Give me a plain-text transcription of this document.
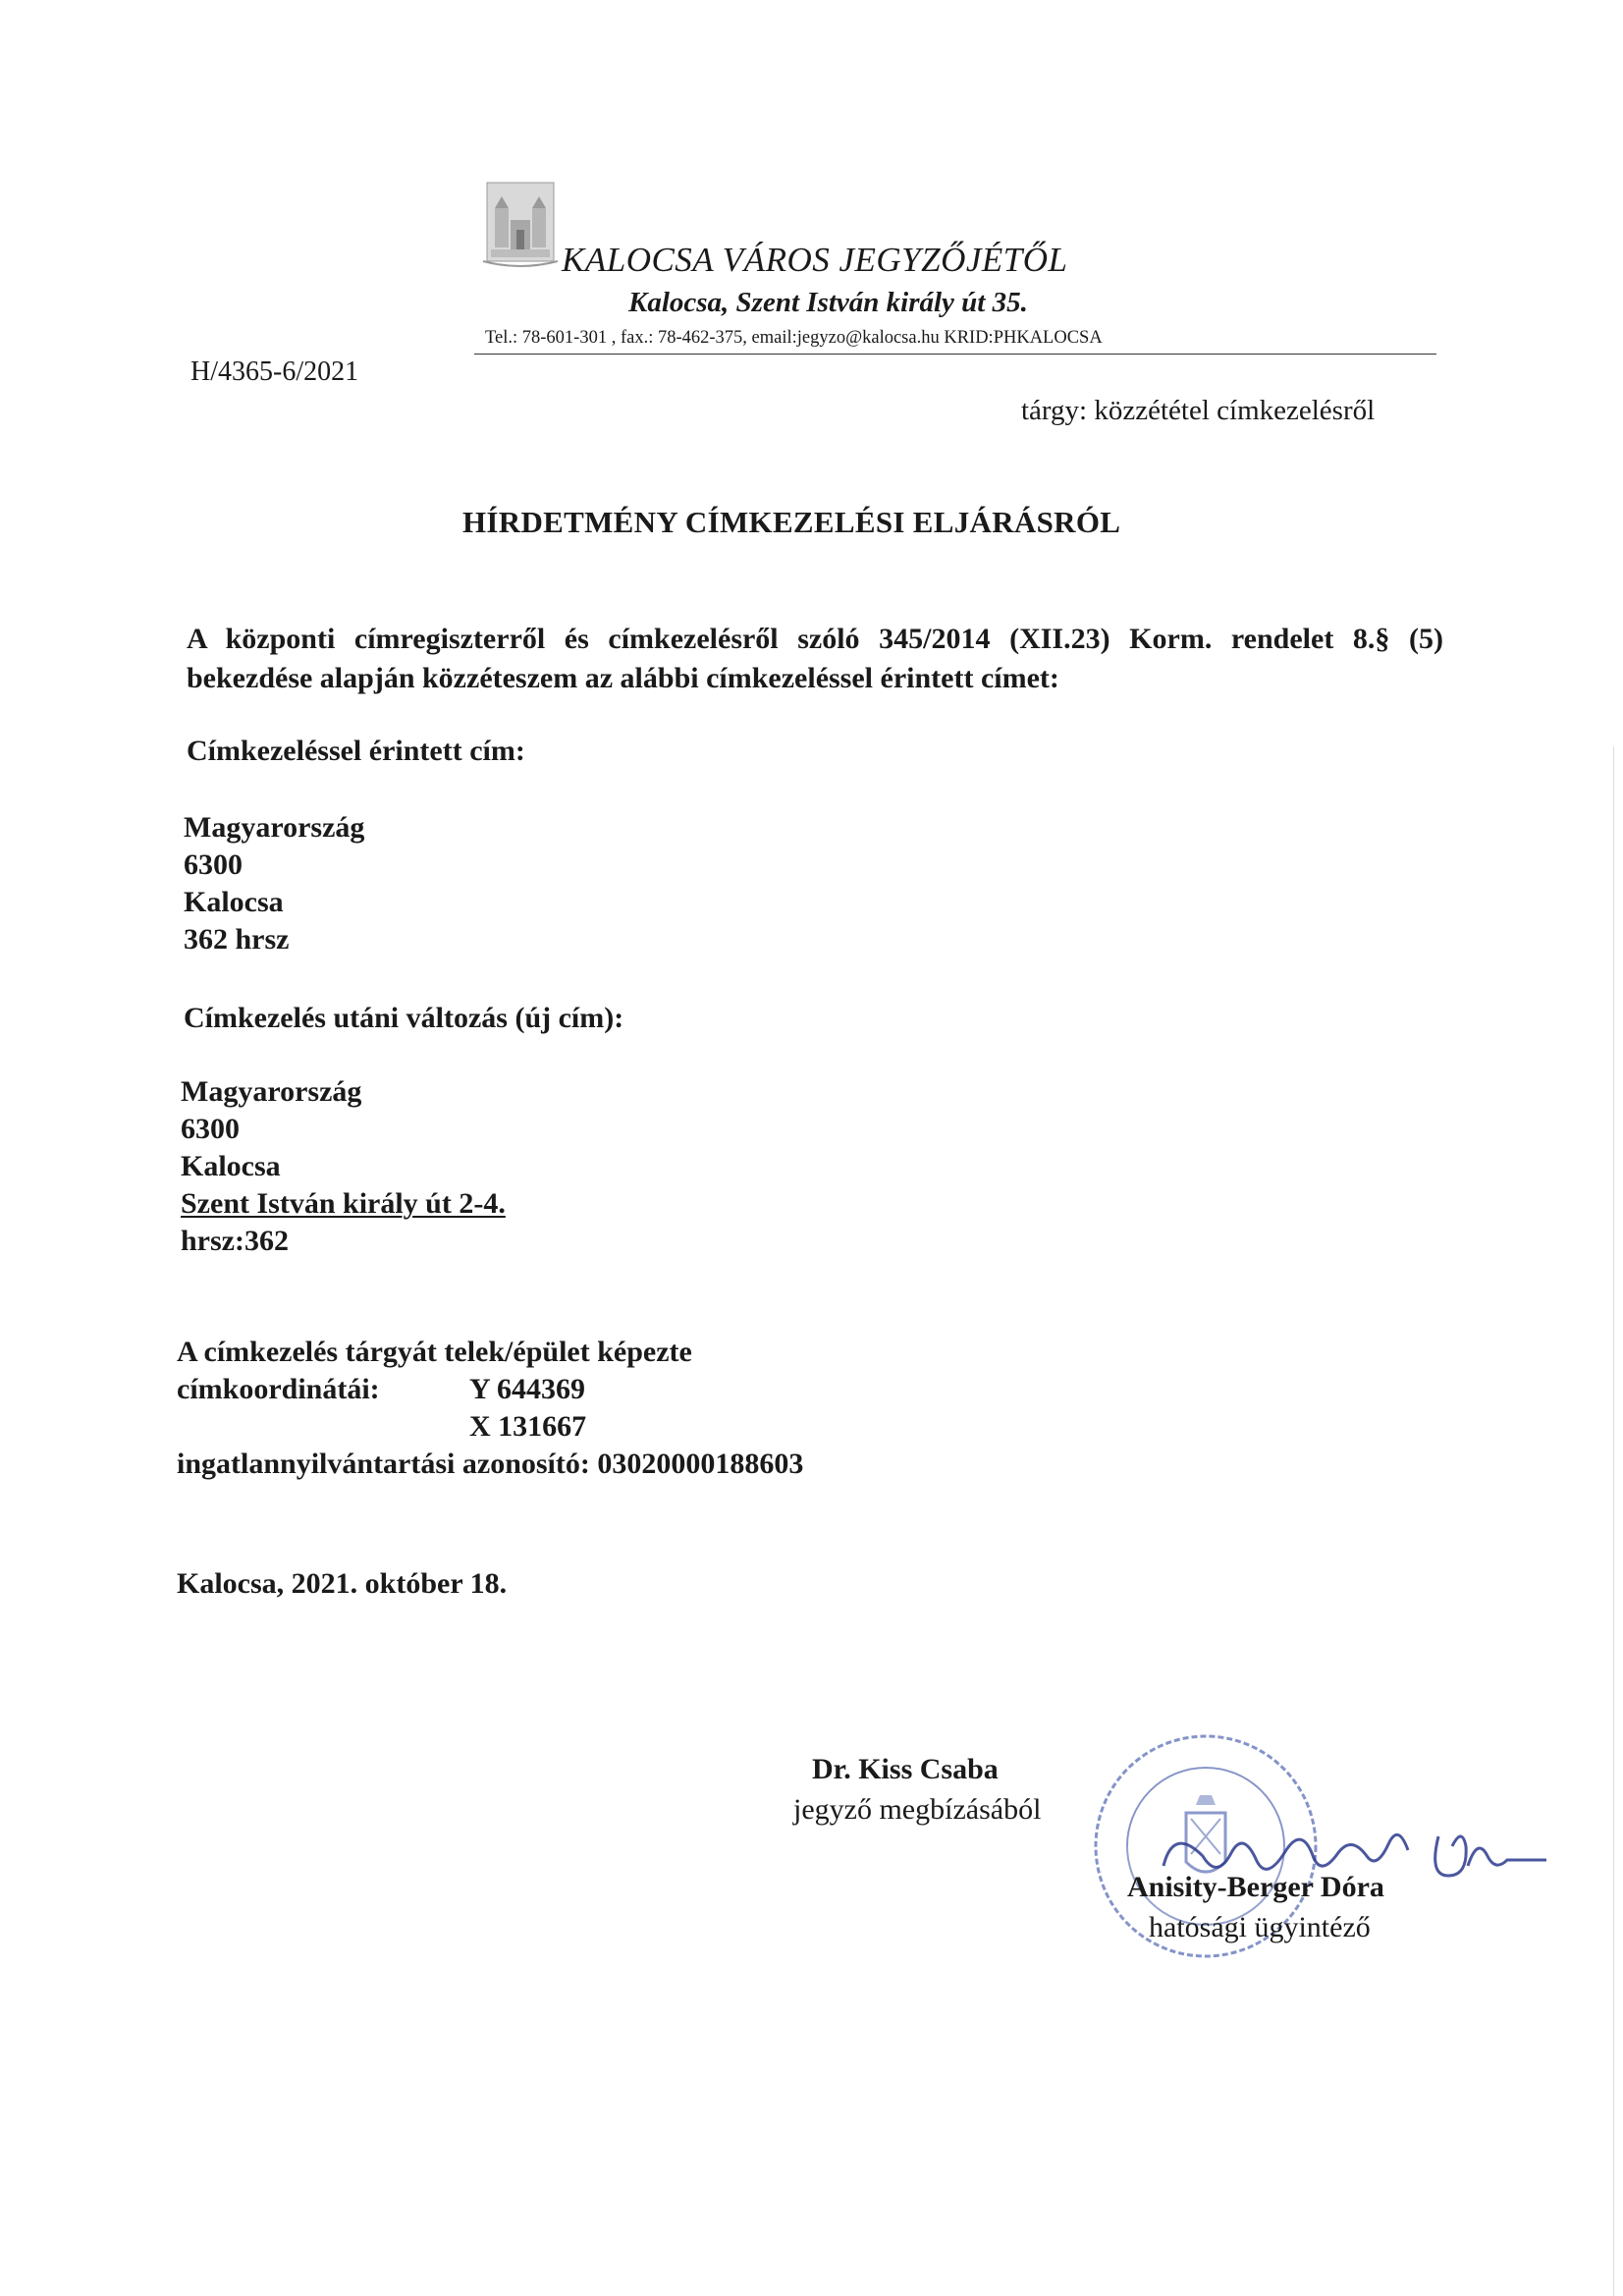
KALOCSA VÁROS JEGYZŐJÉTŐL
Kalocsa, Szent István király út 35.
Tel.: 78-601-301 , fax.: 78-462-375, email:jegyzo@kalocsa.hu KRID:PHKALOCSA
H/4365-6/2021
tárgy: közzététel címkezelésről
HÍRDETMÉNY CÍMKEZELÉSI ELJÁRÁSRÓL
A központi címregiszterről és címkezelésről szóló 345/2014 (XII.23) Korm. rendelet 8.§ (5) bekezdése alapján közzéteszem az alábbi címkezeléssel érintett címet:
Címkezeléssel érintett cím:
Magyarország
6300
Kalocsa
362 hrsz
Címkezelés utáni változás (új cím):
Magyarország
6300
Kalocsa
Szent István király út 2-4.
hrsz:362
A címkezelés tárgyát telek/épület képezte
címkoordinátái:	Y 644369
X 131667
ingatlannyilvántartási azonosító: 03020000188603
Kalocsa, 2021. október 18.
Dr. Kiss Csaba
jegyző megbízásából
Anisity-Berger Dóra
hatósági ügyintéző
